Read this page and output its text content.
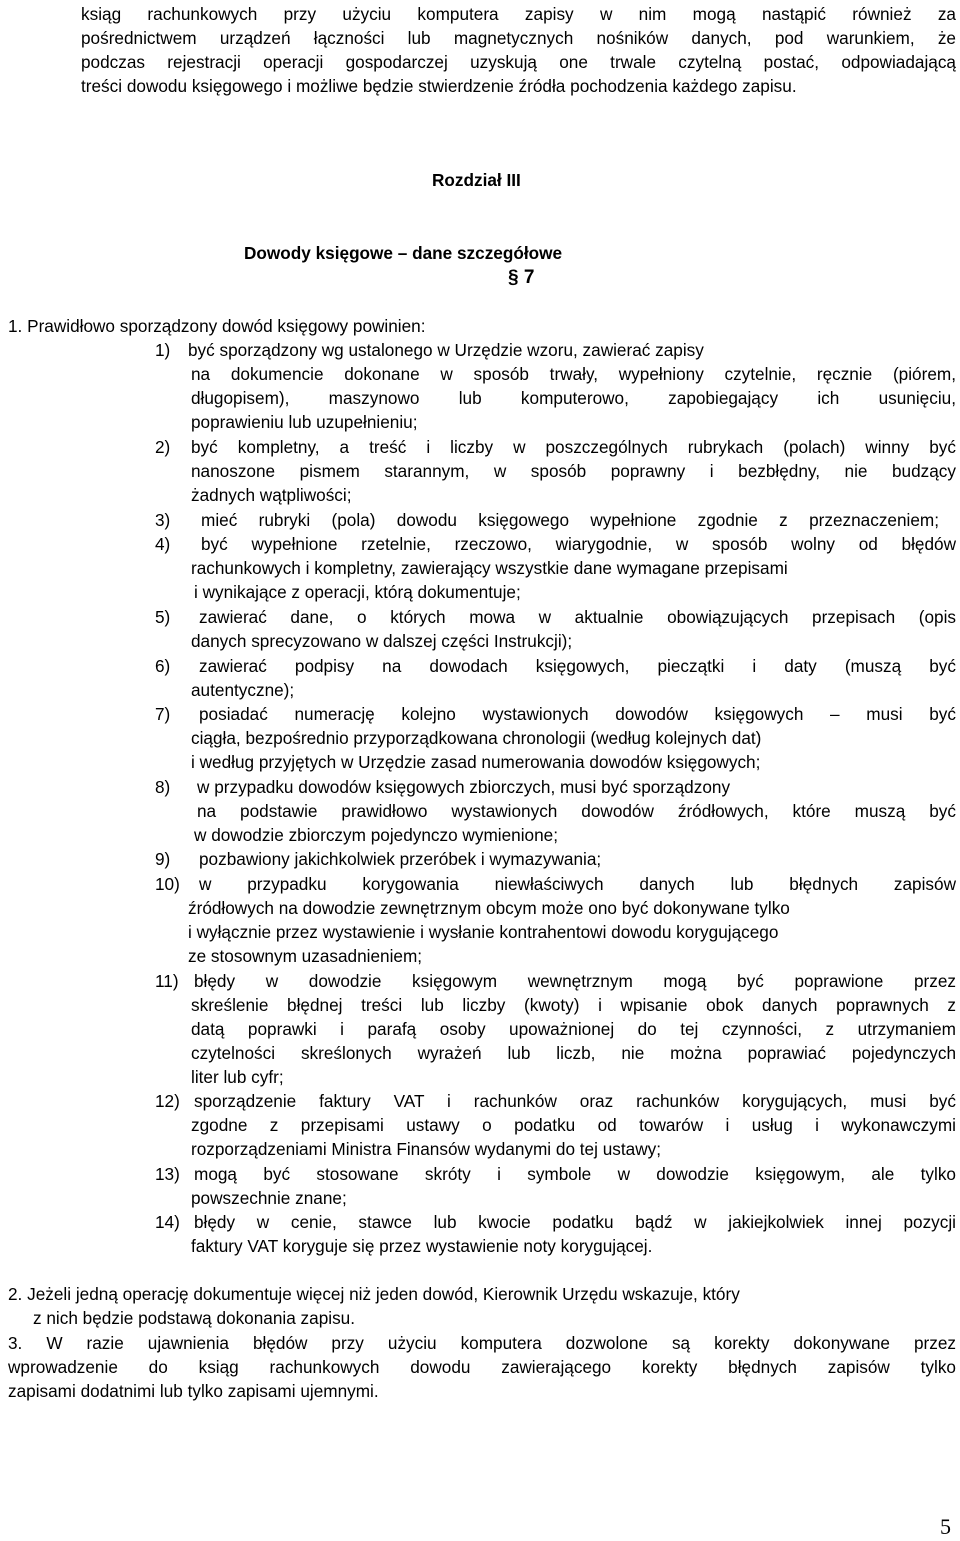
ksiąg rachunkowych przy użyciu komputera zapisy w nim mogą nastąpić również za
pośrednictwem urządzeń łączności lub magnetycznych nośników danych, pod warunkiem, że
podczas rejestracji operacji gospodarczej uzyskują one trwale czytelną postać, odpowiadającą
treści dowodu księgowego i możliwe będzie stwierdzenie źródła pochodzenia każdego zapisu.
Rozdział III
Dowody księgowe – dane szczegółowe
§ 7
1. Prawidłowo sporządzony dowód księgowy powinien:
1) być sporządzony wg ustalonego w Urzędzie wzoru, zawierać zapisy
na dokumencie dokonane w sposób trwały, wypełniony czytelnie, ręcznie (piórem,
długopisem), maszynowo lub komputerowo, zapobiegający ich usunięciu,
poprawieniu lub uzupełnieniu;
2) być kompletny, a treść i liczby w poszczególnych rubrykach (polach) winny być
nanoszone pismem starannym, w sposób poprawny i bezbłędny, nie budzący
żadnych wątpliwości;
3) mieć rubryki (pola) dowodu księgowego wypełnione zgodnie z przeznaczeniem;
4) być wypełnione rzetelnie, rzeczowo, wiarygodnie, w sposób wolny od błędów
rachunkowych i kompletny, zawierający wszystkie dane wymagane przepisami
i wynikające z operacji, którą dokumentuje;
5) zawierać dane, o których mowa w aktualnie obowiązujących przepisach (opis
danych sprecyzowano w dalszej części Instrukcji);
6) zawierać podpisy na dowodach księgowych, pieczątki i daty (muszą być
autentyczne);
7) posiadać numerację kolejno wystawionych dowodów księgowych – musi być
ciągła, bezpośrednio przyporządkowana chronologii (według kolejnych dat)
i według przyjętych w Urzędzie zasad numerowania dowodów księgowych;
8) w przypadku dowodów księgowych zbiorczych, musi być sporządzony
na podstawie prawidłowo wystawionych dowodów źródłowych, które muszą być
w dowodzie zbiorczym pojedynczo wymienione;
9) pozbawiony jakichkolwiek przeróbek i wymazywania;
10) w przypadku korygowania niewłaściwych danych lub błędnych zapisów
źródłowych na dowodzie zewnętrznym obcym może ono być dokonywane tylko
i wyłącznie przez wystawienie i wysłanie kontrahentowi dowodu korygującego
ze stosownym uzasadnieniem;
11) błędy w dowodzie księgowym wewnętrznym mogą być poprawione przez
skreślenie błędnej treści lub liczby (kwoty) i wpisanie obok danych poprawnych z
datą poprawki i parafą osoby upoważnionej do tej czynności, z utrzymaniem
czytelności skreślonych wyrażeń lub liczb, nie można poprawiać pojedynczych
liter lub cyfr;
12) sporządzenie faktury VAT i rachunków oraz rachunków korygujących, musi być
zgodne z przepisami ustawy o podatku od towarów i usług i wykonawczymi
rozporządzeniami Ministra Finansów wydanymi do tej ustawy;
13) mogą być stosowane skróty i symbole w dowodzie księgowym, ale tylko
powszechnie znane;
14) błędy w cenie, stawce lub kwocie podatku bądź w jakiejkolwiek innej pozycji
faktury VAT koryguje się przez wystawienie noty korygującej.
2. Jeżeli jedną operację dokumentuje więcej niż jeden dowód, Kierownik Urzędu wskazuje, który
z nich będzie podstawą dokonania zapisu.
3. W razie ujawnienia błędów przy użyciu komputera dozwolone są korekty dokonywane przez
wprowadzenie do ksiąg rachunkowych dowodu zawierającego korekty błędnych zapisów tylko
zapisami dodatnimi lub tylko zapisami ujemnymi.
5
